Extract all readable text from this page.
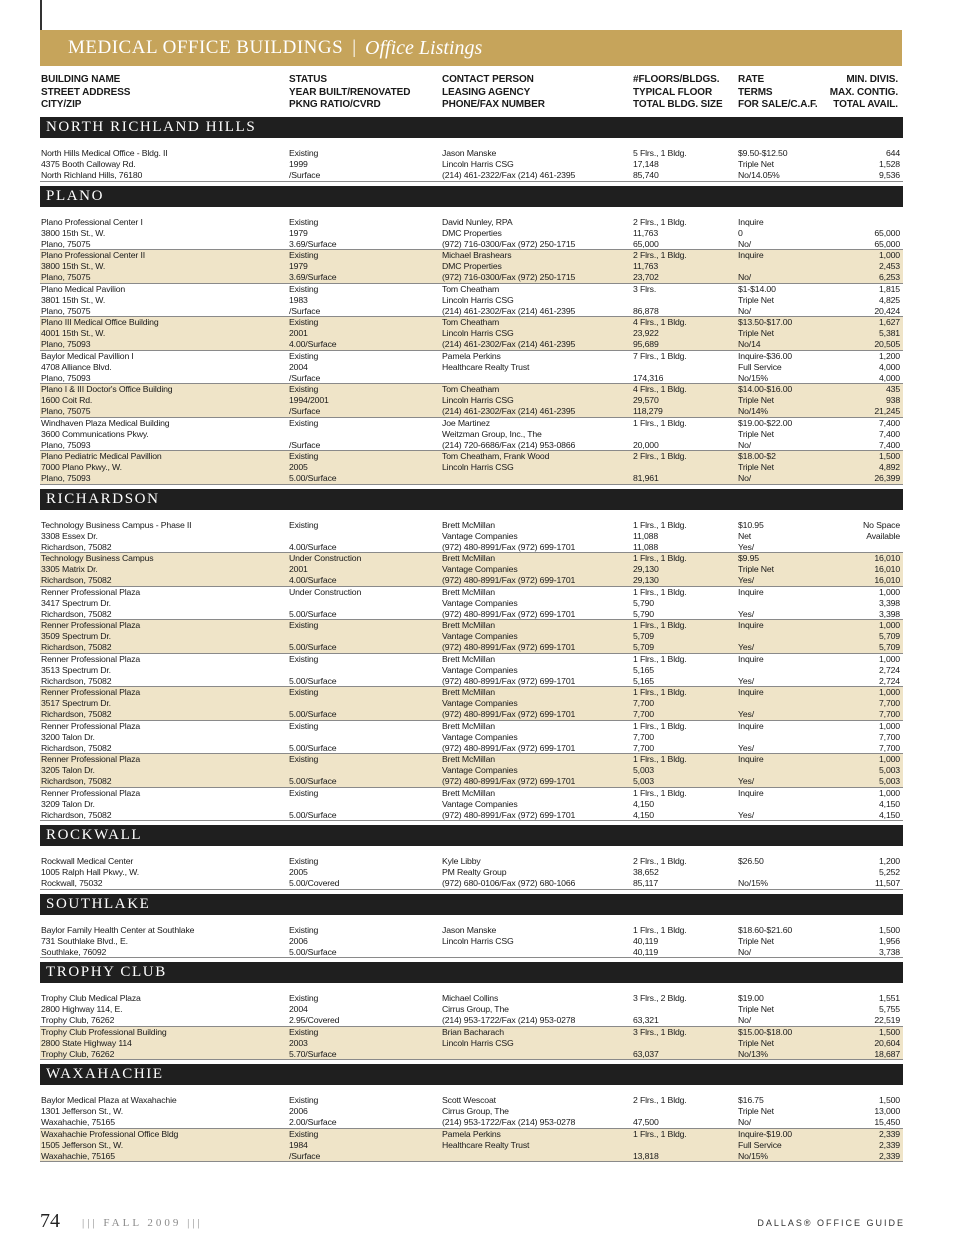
MEDICAL OFFICE BUILDINGS | Office Listings
BUILDING NAME
STREET ADDRESS
CITY/ZIP
STATUS
YEAR BUILT/RENOVATED
PKNG RATIO/CVRD
CONTACT PERSON
LEASING AGENCY
PHONE/FAX NUMBER
#FLOORS/BLDGS.
TYPICAL FLOOR
TOTAL BLDG. SIZE
RATE
TERMS
FOR SALE/C.A.F.
MIN. DIVIS.
MAX. CONTIG.
TOTAL AVAIL.
NORTH RICHLAND HILLS
North Hills Medical Office - Bldg. II
4375 Booth Calloway Rd.
North Richland Hills, 76180
Existing
1999
/Surface
Jason Manske
Lincoln Harris CSG
(214) 461-2322/Fax (214) 461-2395
5 Flrs., 1 Bldg.
17,148
85,740
$9.50-$12.50
Triple Net
No/14.05%
644
1,528
9,536
PLANO
Plano Professional Center I
3800 15th St., W.
Plano, 75075
Existing
1979
3.69/Surface
David Nunley, RPA
DMC Properties
(972) 716-0300/Fax (972) 250-1715
2 Flrs., 1 Bldg.
11,763
65,000
Inquire
0
No/
65,000
65,000
Plano Professional Center II
3800 15th St., W.
Plano, 75075
Existing
1979
3.69/Surface
Michael Brashears
DMC Properties
(972) 716-0300/Fax (972) 250-1715
2 Flrs., 1 Bldg.
11,763
23,702
Inquire
No/
1,000
2,453
6,253
Plano Medical Pavilion
3801 15th St., W.
Plano, 75075
Existing
1983
/Surface
Tom Cheatham
Lincoln Harris CSG
(214) 461-2302/Fax (214) 461-2395
3 Flrs.
86,878
$1-$14.00
Triple Net
No/
1,815
4,825
20,424
Plano III Medical Office Building
4001 15th St., W.
Plano, 75093
Existing
2001
4.00/Surface
Tom Cheatham
Lincoln Harris CSG
(214) 461-2302/Fax (214) 461-2395
4 Flrs., 1 Bldg.
23,922
95,689
$13.50-$17.00
Triple Net
No/14
1,627
5,381
20,505
Baylor Medical Pavillion I
4708 Alliance Blvd.
Plano, 75093
Existing
2004
/Surface
Pamela Perkins
Healthcare Realty Trust
7 Flrs., 1 Bldg.
174,316
Inquire-$36.00
Full Service
No/15%
1,200
4,000
4,000
Plano I & III Doctor's Office Building
1600 Coit Rd.
Plano, 75075
Existing
1994/2001
/Surface
Tom Cheatham
Lincoln Harris CSG
(214) 461-2302/Fax (214) 461-2395
4 Flrs., 1 Bldg.
29,570
118,279
$14.00-$16.00
Triple Net
No/14%
435
938
21,245
Windhaven Plaza Medical Building
3600 Communications Pkwy.
Plano, 75093
Existing
/Surface
Joe Martinez
Weitzman Group, Inc., The
(214) 720-6686/Fax (214) 953-0866
1 Flrs., 1 Bldg.
20,000
$19.00-$22.00
Triple Net
No/
7,400
7,400
7,400
Plano Pediatric Medical Pavillion
7000 Plano Pkwy., W.
Plano, 75093
Existing
2005
5.00/Surface
Tom Cheatham, Frank Wood
Lincoln Harris CSG
2 Flrs., 1 Bldg.
81,961
$18.00-$2
Triple Net
No/
1,500
4,892
26,399
RICHARDSON
Technology Business Campus - Phase II
3308 Essex Dr.
Richardson, 75082
Existing
4.00/Surface
Brett McMillan
Vantage Companies
(972) 480-8991/Fax (972) 699-1701
1 Flrs., 1 Bldg.
11,088
11,088
$10.95
Net
Yes/
No Space
Available
Technology Business Campus
3305 Matrix Dr.
Richardson, 75082
Under Construction
2001
4.00/Surface
Brett McMillan
Vantage Companies
(972) 480-8991/Fax (972) 699-1701
1 Flrs., 1 Bldg.
29,130
29,130
$9.95
Triple Net
Yes/
16,010
16,010
16,010
Renner Professional Plaza
3417 Spectrum Dr.
Richardson, 75082
Under Construction
5.00/Surface
Brett McMillan
Vantage Companies
(972) 480-8991/Fax (972) 699-1701
1 Flrs., 1 Bldg.
5,790
5,790
Inquire
Yes/
1,000
3,398
3,398
Renner Professional Plaza
3509 Spectrum Dr.
Richardson, 75082
Existing
5.00/Surface
Brett McMillan
Vantage Companies
(972) 480-8991/Fax (972) 699-1701
1 Flrs., 1 Bldg.
5,709
5,709
Inquire
Yes/
1,000
5,709
5,709
Renner Professional Plaza
3513 Spectrum Dr.
Richardson, 75082
Existing
5.00/Surface
Brett McMillan
Vantage Companies
(972) 480-8991/Fax (972) 699-1701
1 Flrs., 1 Bldg.
5,165
5,165
Inquire
Yes/
1,000
2,724
2,724
Renner Professional Plaza
3517 Spectrum Dr.
Richardson, 75082
Existing
5.00/Surface
Brett McMillan
Vantage Companies
(972) 480-8991/Fax (972) 699-1701
1 Flrs., 1 Bldg.
7,700
7,700
Inquire
Yes/
1,000
7,700
7,700
Renner Professional Plaza
3200 Talon Dr.
Richardson, 75082
Existing
5.00/Surface
Brett McMillan
Vantage Companies
(972) 480-8991/Fax (972) 699-1701
1 Flrs., 1 Bldg.
7,700
7,700
Inquire
Yes/
1,000
7,700
7,700
Renner Professional Plaza
3205 Talon Dr.
Richardson, 75082
Existing
5.00/Surface
Brett McMillan
Vantage Companies
(972) 480-8991/Fax (972) 699-1701
1 Flrs., 1 Bldg.
5,003
5,003
Inquire
Yes/
1,000
5,003
5,003
Renner Professional Plaza
3209 Talon Dr.
Richardson, 75082
Existing
5.00/Surface
Brett McMillan
Vantage Companies
(972) 480-8991/Fax (972) 699-1701
1 Flrs., 1 Bldg.
4,150
4,150
Inquire
Yes/
1,000
4,150
4,150
ROCKWALL
Rockwall Medical Center
1005 Ralph Hall Pkwy., W.
Rockwall, 75032
Existing
2005
5.00/Covered
Kyle Libby
PM Realty Group
(972) 680-0106/Fax (972) 680-1066
2 Flrs., 1 Bldg.
38,652
85,117
$26.50
No/15%
1,200
5,252
11,507
SOUTHLAKE
Baylor Family Health Center at Southlake
731 Southlake Blvd., E.
Southlake, 76092
Existing
2006
5.00/Surface
Jason Manske
Lincoln Harris CSG
1 Flrs., 1 Bldg.
40,119
40,119
$18.60-$21.60
Triple Net
No/
1,500
1,956
3,738
TROPHY CLUB
Trophy Club Medical Plaza
2800 Highway 114, E.
Trophy Club, 76262
Existing
2004
2.95/Covered
Michael Collins
Cirrus Group, The
(214) 953-1722/Fax (214) 953-0278
3 Flrs., 2 Bldg.
63,321
$19.00
Triple Net
No/
1,551
5,755
22,519
Trophy Club Professional Building
2800 State Highway 114
Trophy Club, 76262
Existing
2003
5.70/Surface
Brian Bacharach
Lincoln Harris CSG
3 Flrs., 1 Bldg.
63,037
$15.00-$18.00
Triple Net
No/13%
1,500
20,604
18,687
WAXAHACHIE
Baylor Medical Plaza at Waxahachie
1301 Jefferson St., W.
Waxahachie, 75165
Existing
2006
2.00/Surface
Scott Wescoat
Cirrus Group, The
(214) 953-1722/Fax (214) 953-0278
2 Flrs., 1 Bldg.
47,500
$16.75
Triple Net
No/
1,500
13,000
15,450
Waxahachie Professional Office Bldg
1505 Jefferson St., W.
Waxahachie, 75165
Existing
1984
/Surface
Pamela Perkins
Healthcare Realty Trust
1 Flrs., 1 Bldg.
13,818
Inquire-$19.00
Full Service
No/15%
2,339
2,339
2,339
74 ||| FALL 2009 |||	DALLAS® OFFICE GUIDE
